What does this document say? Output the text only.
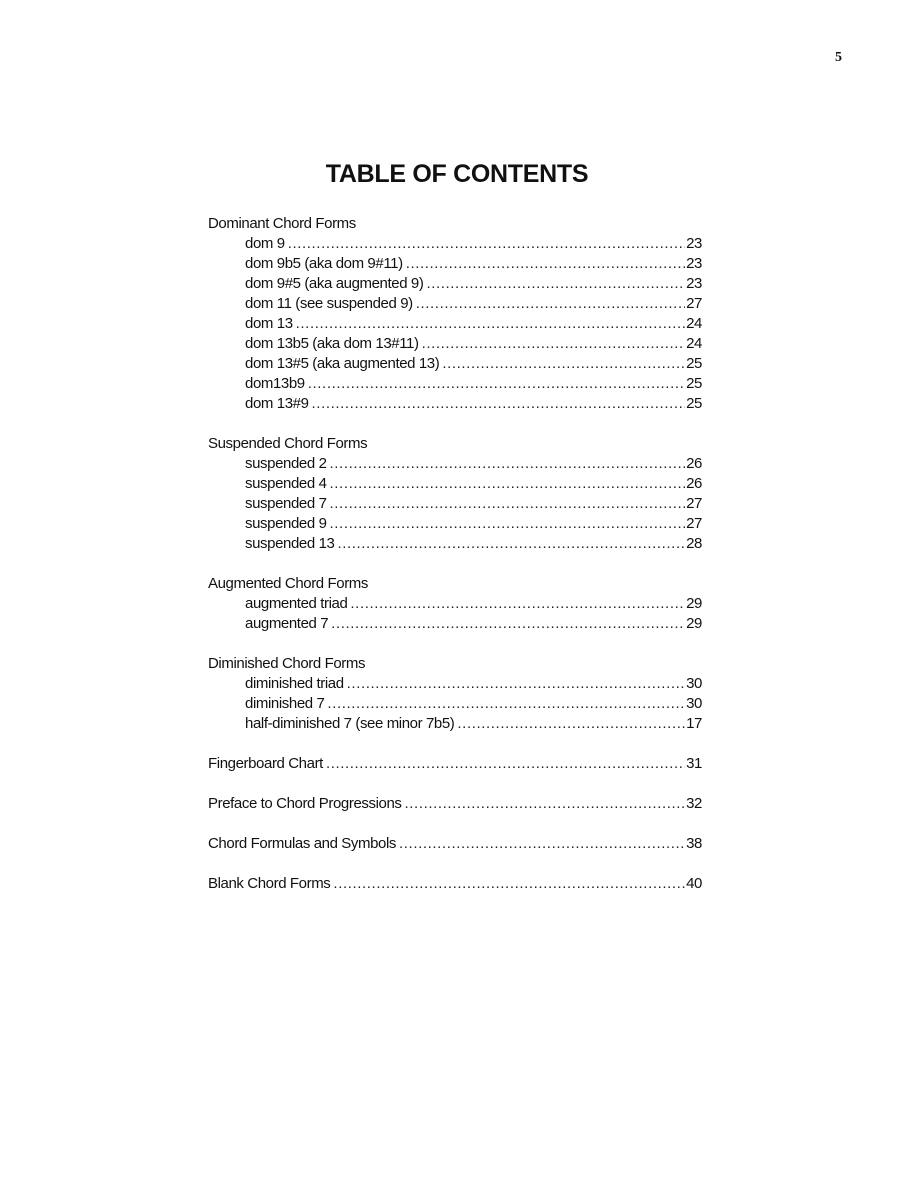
5
TABLE OF CONTENTS
Dominant Chord Forms
dom 9 .....	23
dom 9b5 (aka dom 9#11) .....	23
dom 9#5 (aka augmented 9) .....	23
dom 11 (see suspended 9) .....	27
dom 13 .....	24
dom 13b5 (aka dom 13#11) .....	24
dom 13#5 (aka augmented 13) .....	25
dom13b9 .....	25
dom 13#9 .....	25
Suspended Chord Forms
suspended 2 .....	26
suspended 4 .....	26
suspended 7 .....	27
suspended 9 .....	27
suspended 13 .....	28
Augmented Chord Forms
augmented triad .....	29
augmented 7 .....	29
Diminished Chord Forms
diminished triad .....	30
diminished 7 .....	30
half-diminished 7 (see minor 7b5) .....	17
Fingerboard Chart .....	31
Preface to Chord Progressions .....	32
Chord Formulas and Symbols .....	38
Blank Chord Forms .....	40
